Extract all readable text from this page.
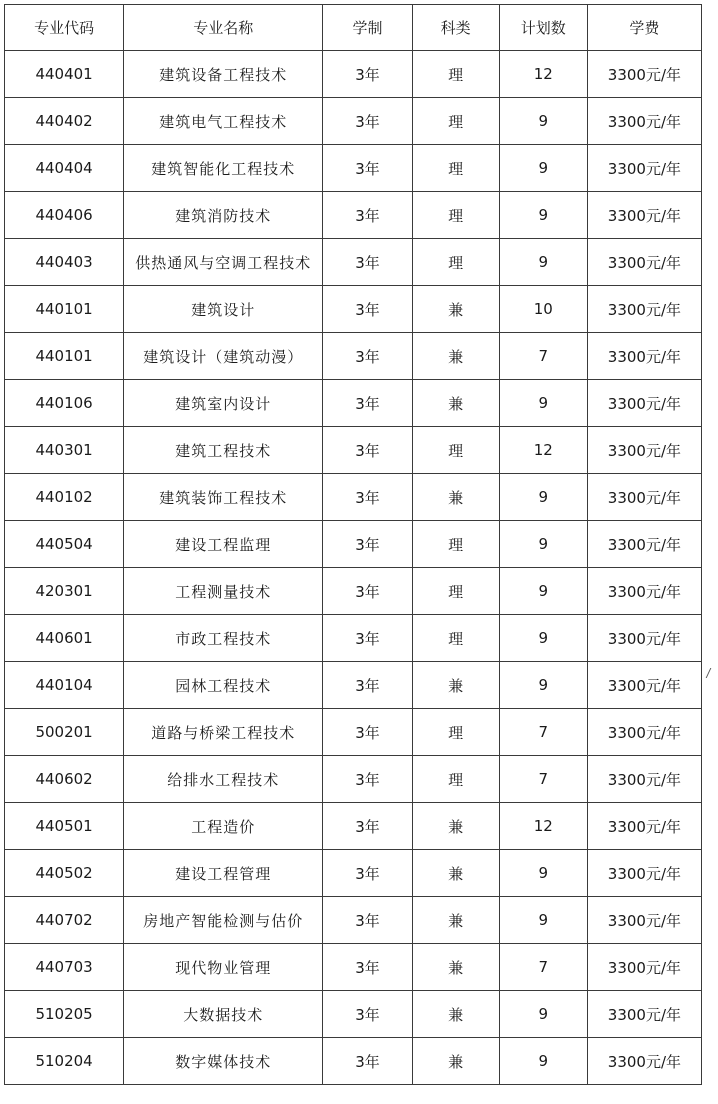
专业代码	专业名称	学制	科类	计划数	学费
440401	建筑设备工程技术	3年	理	12	3300元/年
440402	建筑电气工程技术	3年	理	9	3300元/年
440404	建筑智能化工程技术	3年	理	9	3300元/年
440406	建筑消防技术	3年	理	9	3300元/年
440403	供热通风与空调工程技术	3年	理	9	3300元/年
440101	建筑设计	3年	兼	10	3300元/年
440101	建筑设计（建筑动漫）	3年	兼	7	3300元/年
440106	建筑室内设计	3年	兼	9	3300元/年
440301	建筑工程技术	3年	理	12	3300元/年
440102	建筑装饰工程技术	3年	兼	9	3300元/年
440504	建设工程监理	3年	理	9	3300元/年
420301	工程测量技术	3年	理	9	3300元/年
440601	市政工程技术	3年	理	9	3300元/年
440104	园林工程技术	3年	兼	9	3300元/年
500201	道路与桥梁工程技术	3年	理	7	3300元/年
440602	给排水工程技术	3年	理	7	3300元/年
440501	工程造价	3年	兼	12	3300元/年
440502	建设工程管理	3年	兼	9	3300元/年
440702	房地产智能检测与估价	3年	兼	9	3300元/年
440703	现代物业管理	3年	兼	7	3300元/年
510205	大数据技术	3年	兼	9	3300元/年
510204	数字媒体技术	3年	兼	9	3300元/年
